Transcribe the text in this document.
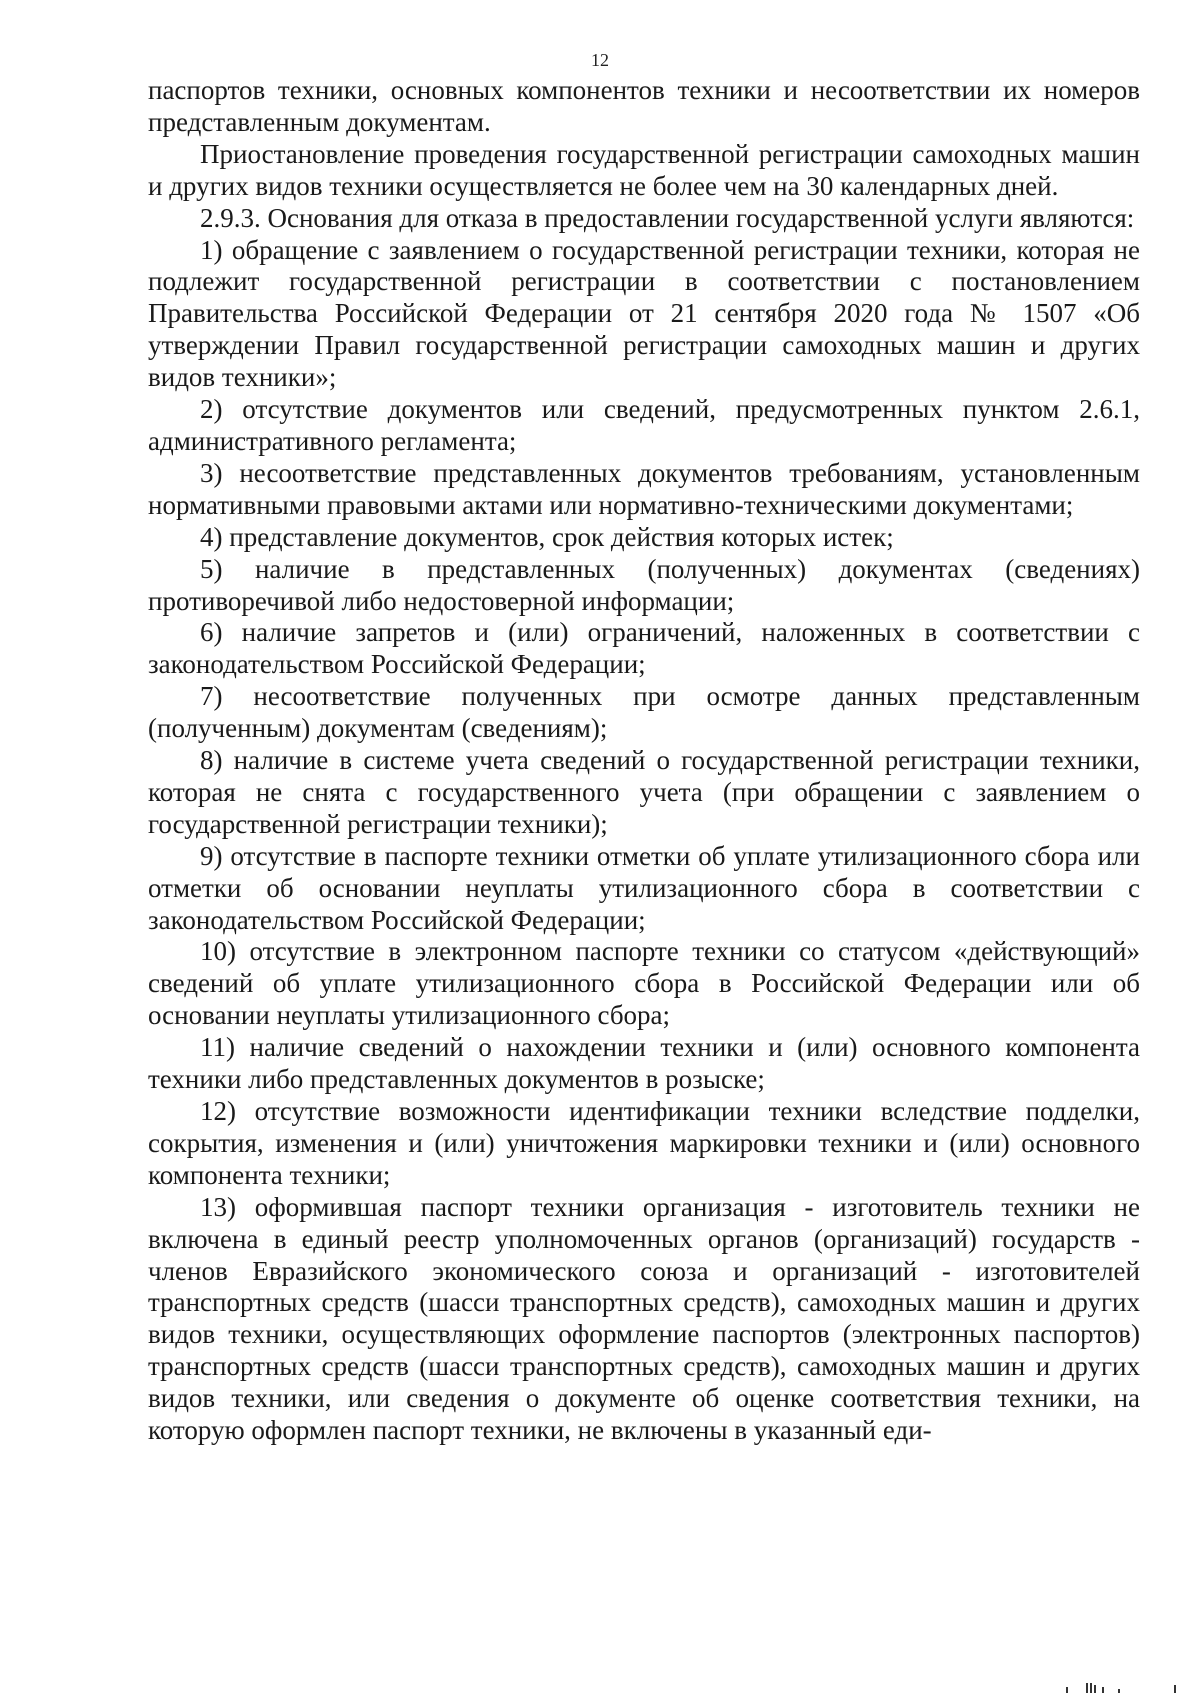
12

паспортов техники, основных компонентов техники и несоответствии их номеров представленным документам.

Приостановление проведения государственной регистрации самоходных машин и других видов техники осуществляется не более чем на 30 календарных дней.

2.9.3. Основания для отказа в предоставлении государственной услуги являются:

1) обращение с заявлением о государственной регистрации техники, которая не подлежит государственной регистрации в соответствии с постановлением Правительства Российской Федерации от 21 сентября 2020 года № 1507 «Об утверждении Правил государственной регистрации самоходных машин и других видов техники»;

2) отсутствие документов или сведений, предусмотренных пунктом 2.6.1, административного регламента;

3) несоответствие представленных документов требованиям, установленным нормативными правовыми актами или нормативно-техническими документами;

4) представление документов, срок действия которых истек;

5) наличие в представленных (полученных) документах (сведениях) противоречивой либо недостоверной информации;

6) наличие запретов и (или) ограничений, наложенных в соответствии с законодательством Российской Федерации;

7) несоответствие полученных при осмотре данных представленным (полученным) документам (сведениям);

8) наличие в системе учета сведений о государственной регистрации техники, которая не снята с государственного учета (при обращении с заявлением о государственной регистрации техники);

9) отсутствие в паспорте техники отметки об уплате утилизационного сбора или отметки об основании неуплаты утилизационного сбора в соответствии с законодательством Российской Федерации;

10) отсутствие в электронном паспорте техники со статусом «действующий» сведений об уплате утилизационного сбора в Российской Федерации или об основании неуплаты утилизационного сбора;

11) наличие сведений о нахождении техники и (или) основного компонента техники либо представленных документов в розыске;

12) отсутствие возможности идентификации техники вследствие подделки, сокрытия, изменения и (или) уничтожения маркировки техники и (или) основного компонента техники;

13) оформившая паспорт техники организация - изготовитель техники не включена в единый реестр уполномоченных органов (организаций) государств - членов Евразийского экономического союза и организаций - изготовителей транспортных средств (шасси транспортных средств), самоходных машин и других видов техники, осуществляющих оформление паспортов (электронных паспортов) транспортных средств (шасси транспортных средств), самоходных машин и других видов техники, или сведения о документе об оценке соответствия техники, на которую оформлен паспорт техники, не включены в указанный еди-
